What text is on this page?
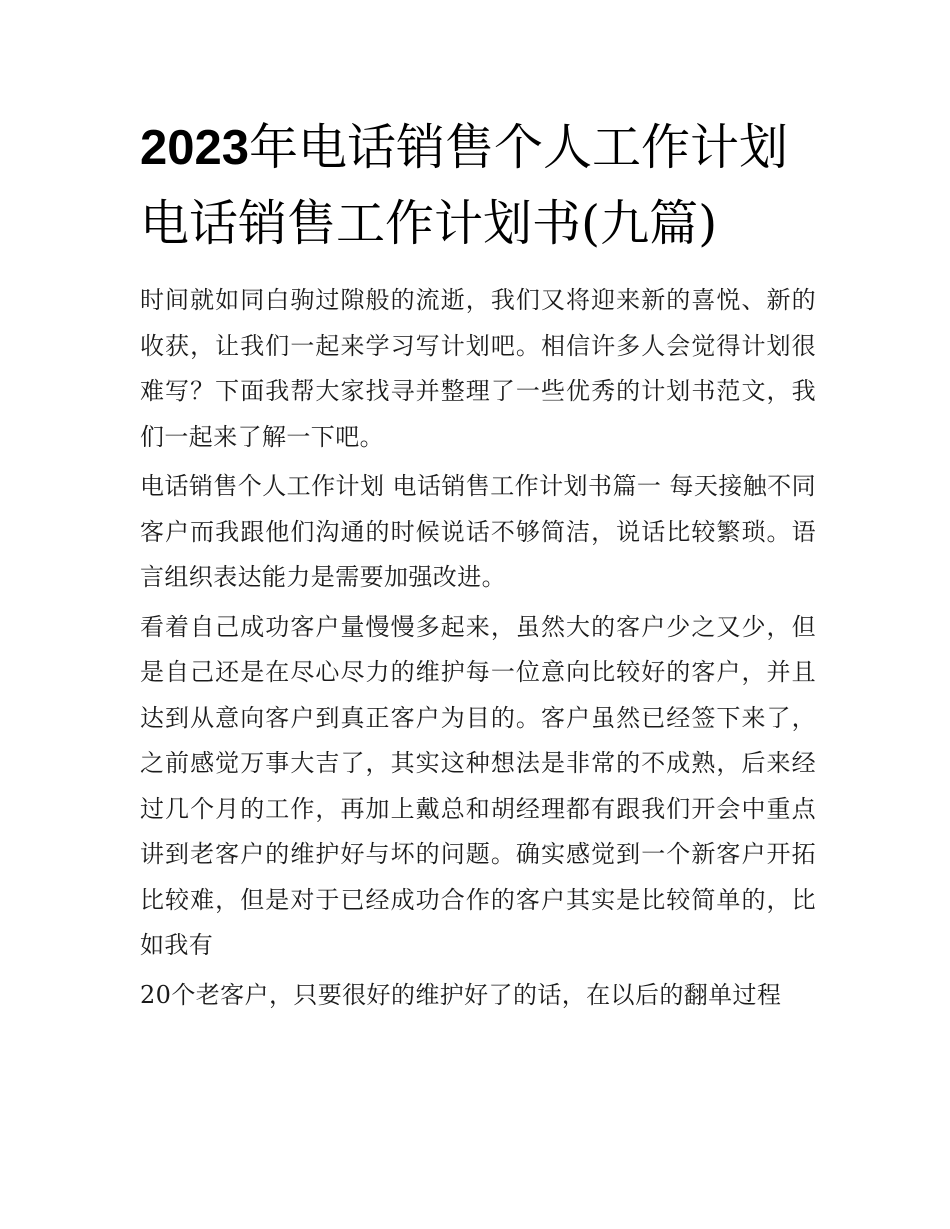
2023年电话销售个人工作计划
电话销售工作计划书(九篇)

时间就如同白驹过隙般的流逝，我们又将迎来新的喜悦、新的收获，让我们一起来学习写计划吧。相信许多人会觉得计划很难写？下面我帮大家找寻并整理了一些优秀的计划书范文，我们一起来了解一下吧。

电话销售个人工作计划 电话销售工作计划书篇一 每天接触不同客户而我跟他们沟通的时候说话不够简洁，说话比较繁琐。语言组织表达能力是需要加强改进。

看着自己成功客户量慢慢多起来，虽然大的客户少之又少，但是自己还是在尽心尽力的维护每一位意向比较好的客户，并且达到从意向客户到真正客户为目的。客户虽然已经签下来了，之前感觉万事大吉了，其实这种想法是非常的不成熟，后来经过几个月的工作，再加上戴总和胡经理都有跟我们开会中重点讲到老客户的维护好与坏的问题。确实感觉到一个新客户开拓比较难，但是对于已经成功合作的客户其实是比较简单的，比如我有

20个老客户，只要很好的维护好了的话，在以后的翻单过程
